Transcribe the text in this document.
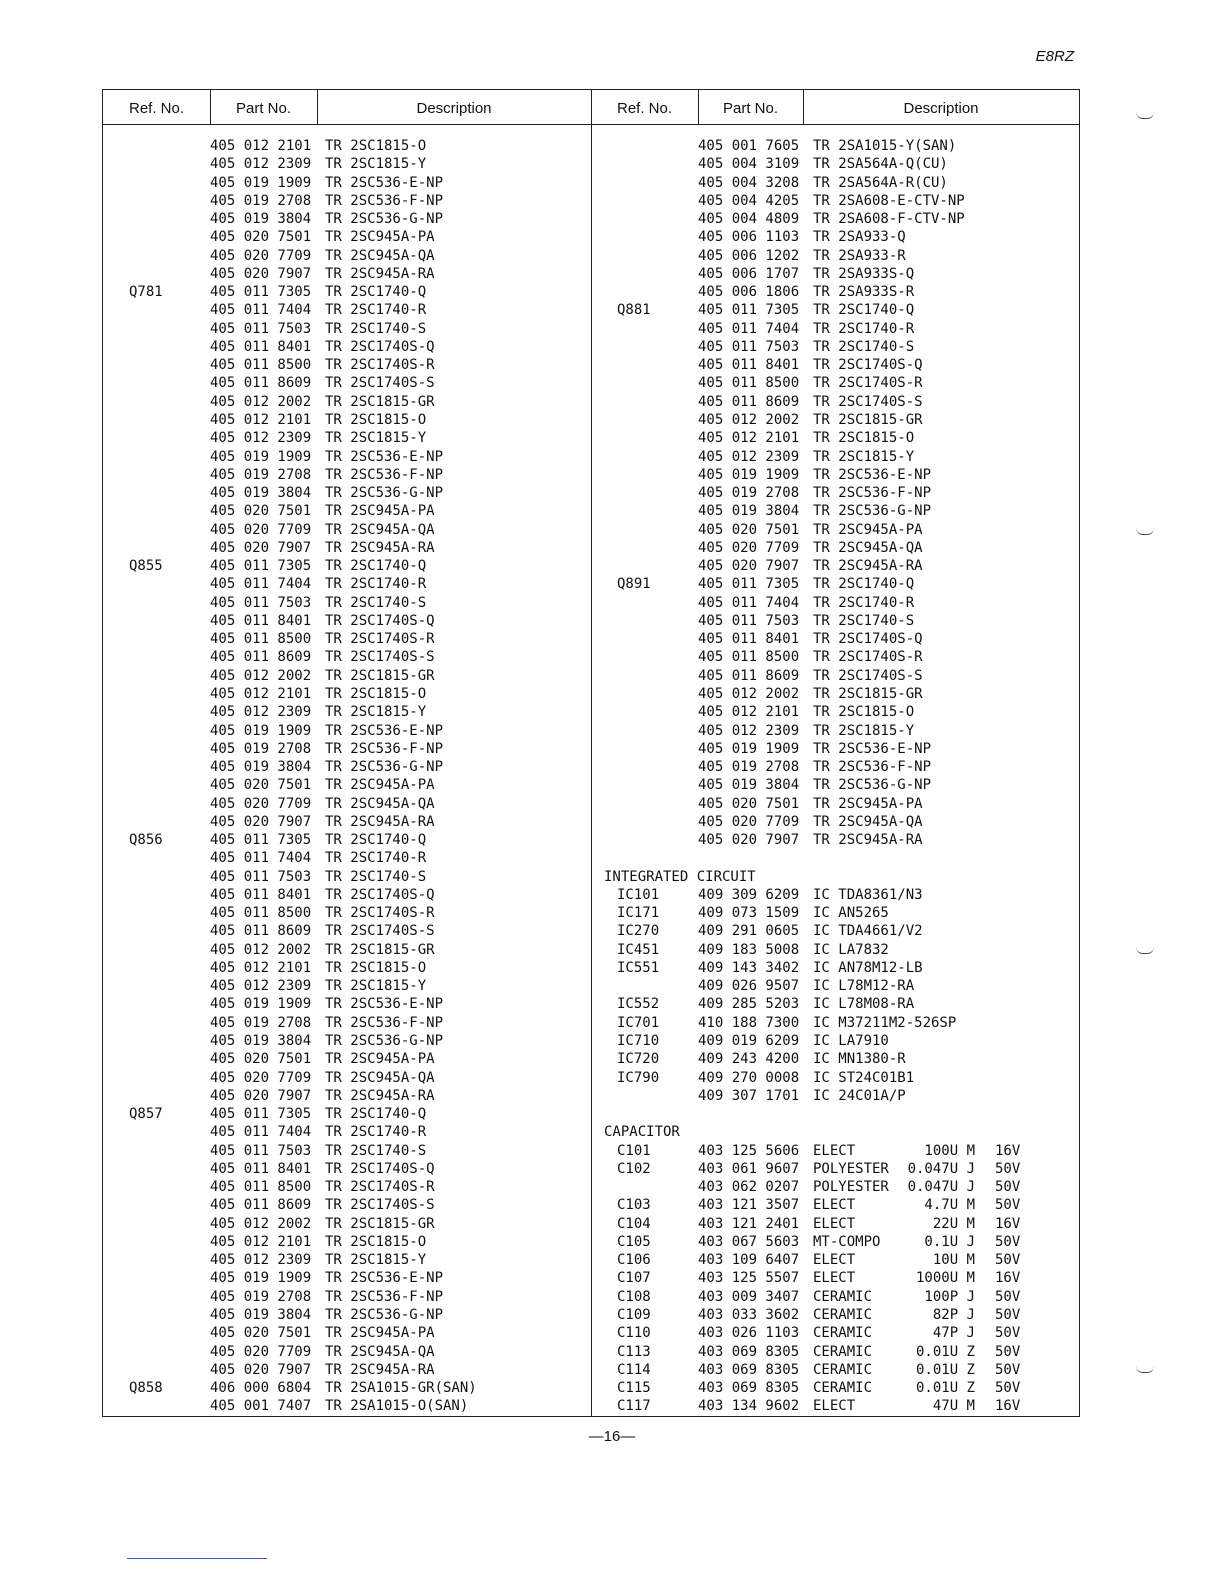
E8RZ
Ref. No.	Part No.	Description	Ref. No.	Part No.	Description
405 012 2101 TR 2SC1815-O
405 012 2309 TR 2SC1815-Y
405 019 1909 TR 2SC536-E-NP
405 019 2708 TR 2SC536-F-NP
405 019 3804 TR 2SC536-G-NP
405 020 7501 TR 2SC945A-PA
405 020 7709 TR 2SC945A-QA
405 020 7907 TR 2SC945A-RA
Q781	405 011 7305 TR 2SC1740-Q
405 011 7404 TR 2SC1740-R
405 011 7503 TR 2SC1740-S
405 011 8401 TR 2SC1740S-Q
405 011 8500 TR 2SC1740S-R
405 011 8609 TR 2SC1740S-S
405 012 2002 TR 2SC1815-GR
405 012 2101 TR 2SC1815-O
405 012 2309 TR 2SC1815-Y
405 019 1909 TR 2SC536-E-NP
405 019 2708 TR 2SC536-F-NP
405 019 3804 TR 2SC536-G-NP
405 020 7501 TR 2SC945A-PA
405 020 7709 TR 2SC945A-QA
405 020 7907 TR 2SC945A-RA
Q855	405 011 7305 TR 2SC1740-Q
405 011 7404 TR 2SC1740-R
405 011 7503 TR 2SC1740-S
405 011 8401 TR 2SC1740S-Q
405 011 8500 TR 2SC1740S-R
405 011 8609 TR 2SC1740S-S
405 012 2002 TR 2SC1815-GR
405 012 2101 TR 2SC1815-O
405 012 2309 TR 2SC1815-Y
405 019 1909 TR 2SC536-E-NP
405 019 2708 TR 2SC536-F-NP
405 019 3804 TR 2SC536-G-NP
405 020 7501 TR 2SC945A-PA
405 020 7709 TR 2SC945A-QA
405 020 7907 TR 2SC945A-RA
Q856	405 011 7305 TR 2SC1740-Q
405 011 7404 TR 2SC1740-R
405 011 7503 TR 2SC1740-S
405 011 8401 TR 2SC1740S-Q
405 011 8500 TR 2SC1740S-R
405 011 8609 TR 2SC1740S-S
405 012 2002 TR 2SC1815-GR
405 012 2101 TR 2SC1815-O
405 012 2309 TR 2SC1815-Y
405 019 1909 TR 2SC536-E-NP
405 019 2708 TR 2SC536-F-NP
405 019 3804 TR 2SC536-G-NP
405 020 7501 TR 2SC945A-PA
405 020 7709 TR 2SC945A-QA
405 020 7907 TR 2SC945A-RA
Q857	405 011 7305 TR 2SC1740-Q
405 011 7404 TR 2SC1740-R
405 011 7503 TR 2SC1740-S
405 011 8401 TR 2SC1740S-Q
405 011 8500 TR 2SC1740S-R
405 011 8609 TR 2SC1740S-S
405 012 2002 TR 2SC1815-GR
405 012 2101 TR 2SC1815-O
405 012 2309 TR 2SC1815-Y
405 019 1909 TR 2SC536-E-NP
405 019 2708 TR 2SC536-F-NP
405 019 3804 TR 2SC536-G-NP
405 020 7501 TR 2SC945A-PA
405 020 7709 TR 2SC945A-QA
405 020 7907 TR 2SC945A-RA
Q858	406 000 6804 TR 2SA1015-GR(SAN)
405 001 7407 TR 2SA1015-O(SAN)
405 001 7605 TR 2SA1015-Y(SAN)
405 004 3109 TR 2SA564A-Q(CU)
405 004 3208 TR 2SA564A-R(CU)
405 004 4205 TR 2SA608-E-CTV-NP
405 004 4809 TR 2SA608-F-CTV-NP
405 006 1103 TR 2SA933-Q
405 006 1202 TR 2SA933-R
405 006 1707 TR 2SA933S-Q
405 006 1806 TR 2SA933S-R
Q881	405 011 7305 TR 2SC1740-Q
405 011 7404 TR 2SC1740-R
405 011 7503 TR 2SC1740-S
405 011 8401 TR 2SC1740S-Q
405 011 8500 TR 2SC1740S-R
405 011 8609 TR 2SC1740S-S
405 012 2002 TR 2SC1815-GR
405 012 2101 TR 2SC1815-O
405 012 2309 TR 2SC1815-Y
405 019 1909 TR 2SC536-E-NP
405 019 2708 TR 2SC536-F-NP
405 019 3804 TR 2SC536-G-NP
405 020 7501 TR 2SC945A-PA
405 020 7709 TR 2SC945A-QA
405 020 7907 TR 2SC945A-RA
Q891	405 011 7305 TR 2SC1740-Q
405 011 7404 TR 2SC1740-R
405 011 7503 TR 2SC1740-S
405 011 8401 TR 2SC1740S-Q
405 011 8500 TR 2SC1740S-R
405 011 8609 TR 2SC1740S-S
405 012 2002 TR 2SC1815-GR
405 012 2101 TR 2SC1815-O
405 012 2309 TR 2SC1815-Y
405 019 1909 TR 2SC536-E-NP
405 019 2708 TR 2SC536-F-NP
405 019 3804 TR 2SC536-G-NP
405 020 7501 TR 2SC945A-PA
405 020 7709 TR 2SC945A-QA
405 020 7907 TR 2SC945A-RA
INTEGRATED CIRCUIT
IC101	409 309 6209 IC TDA8361/N3
IC171	409 073 1509 IC AN5265
IC270	409 291 0605 IC TDA4661/V2
IC451	409 183 5008 IC LA7832
IC551	409 143 3402 IC AN78M12-LB
409 026 9507 IC L78M12-RA
IC552	409 285 5203 IC L78M08-RA
IC701	410 188 7300 IC M37211M2-526SP
IC710	409 019 6209 IC LA7910
IC720	409 243 4200 IC MN1380-R
IC790	409 270 0008 IC ST24C01B1
409 307 1701 IC 24C01A/P
CAPACITOR
C101	403 125 5606 ELECT	100U M 16V
C102	403 061 9607 POLYESTER	0.047U J 50V
403 062 0207 POLYESTER	0.047U J 50V
C103	403 121 3507 ELECT	4.7U M 50V
C104	403 121 2401 ELECT	22U M 16V
C105	403 067 5603 MT-COMPO	0.1U J 50V
C106	403 109 6407 ELECT	10U M 50V
C107	403 125 5507 ELECT	1000U M 16V
C108	403 009 3407 CERAMIC	100P J 50V
C109	403 033 3602 CERAMIC	82P J 50V
C110	403 026 1103 CERAMIC	47P J 50V
C113	403 069 8305 CERAMIC	0.01U Z 50V
C114	403 069 8305 CERAMIC	0.01U Z 50V
C115	403 069 8305 CERAMIC	0.01U Z 50V
C117	403 134 9602 ELECT	47U M 16V
—16—
